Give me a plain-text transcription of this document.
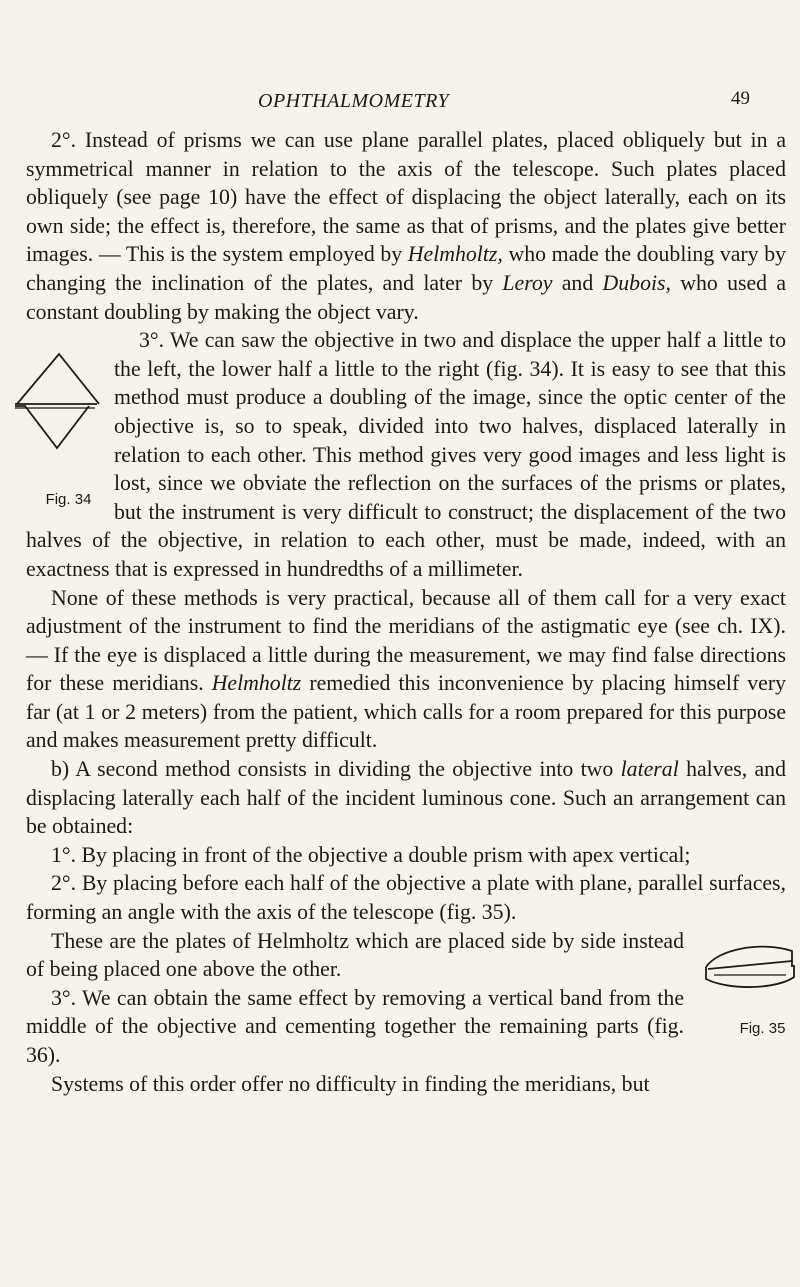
OPHTHALMOMETRY	49

2°. Instead of prisms we can use plane parallel plates, placed obliquely but in a symmetrical manner in relation to the axis of the telescope. Such plates placed obliquely (see page 10) have the effect of displacing the object laterally, each on its own side; the effect is, therefore, the same as that of prisms, and the plates give better images. — This is the system employed by Helmholtz, who made the doubling vary by changing the inclination of the plates, and later by Leroy and Dubois, who used a constant doubling by making the object vary.

Fig. 34
3°. We can saw the objective in two and displace the upper half a little to the left, the lower half a little to the right (fig. 34). It is easy to see that this method must produce a doubling of the image, since the optic center of the objective is, so to speak, divided into two halves, displaced laterally in relation to each other. This method gives very good images and less light is lost, since we obviate the reflection on the surfaces of the prisms or plates, but the instrument is very difficult to construct; the displacement of the two halves of the objective, in relation to each other, must be made, indeed, with an exactness that is expressed in hundredths of a millimeter.

None of these methods is very practical, because all of them call for a very exact adjustment of the instrument to find the meridians of the astigmatic eye (see ch. IX). — If the eye is displaced a little during the measurement, we may find false directions for these meridians. Helmholtz remedied this inconvenience by placing himself very far (at 1 or 2 meters) from the patient, which calls for a room prepared for this purpose and makes measurement pretty difficult.

b) A second method consists in dividing the objective into two lateral halves, and displacing laterally each half of the incident luminous cone. Such an arrangement can be obtained:

1°. By placing in front of the objective a double prism with apex vertical;

2°. By placing before each half of the objective a plate with plane, parallel surfaces, forming an angle with the axis of the telescope (fig. 35).

Fig. 35
These are the plates of Helmholtz which are placed side by side instead of being placed one above the other.

3°. We can obtain the same effect by removing a vertical band from the middle of the objective and cementing together the remaining parts (fig. 36).

Systems of this order offer no difficulty in finding the meridians, but
